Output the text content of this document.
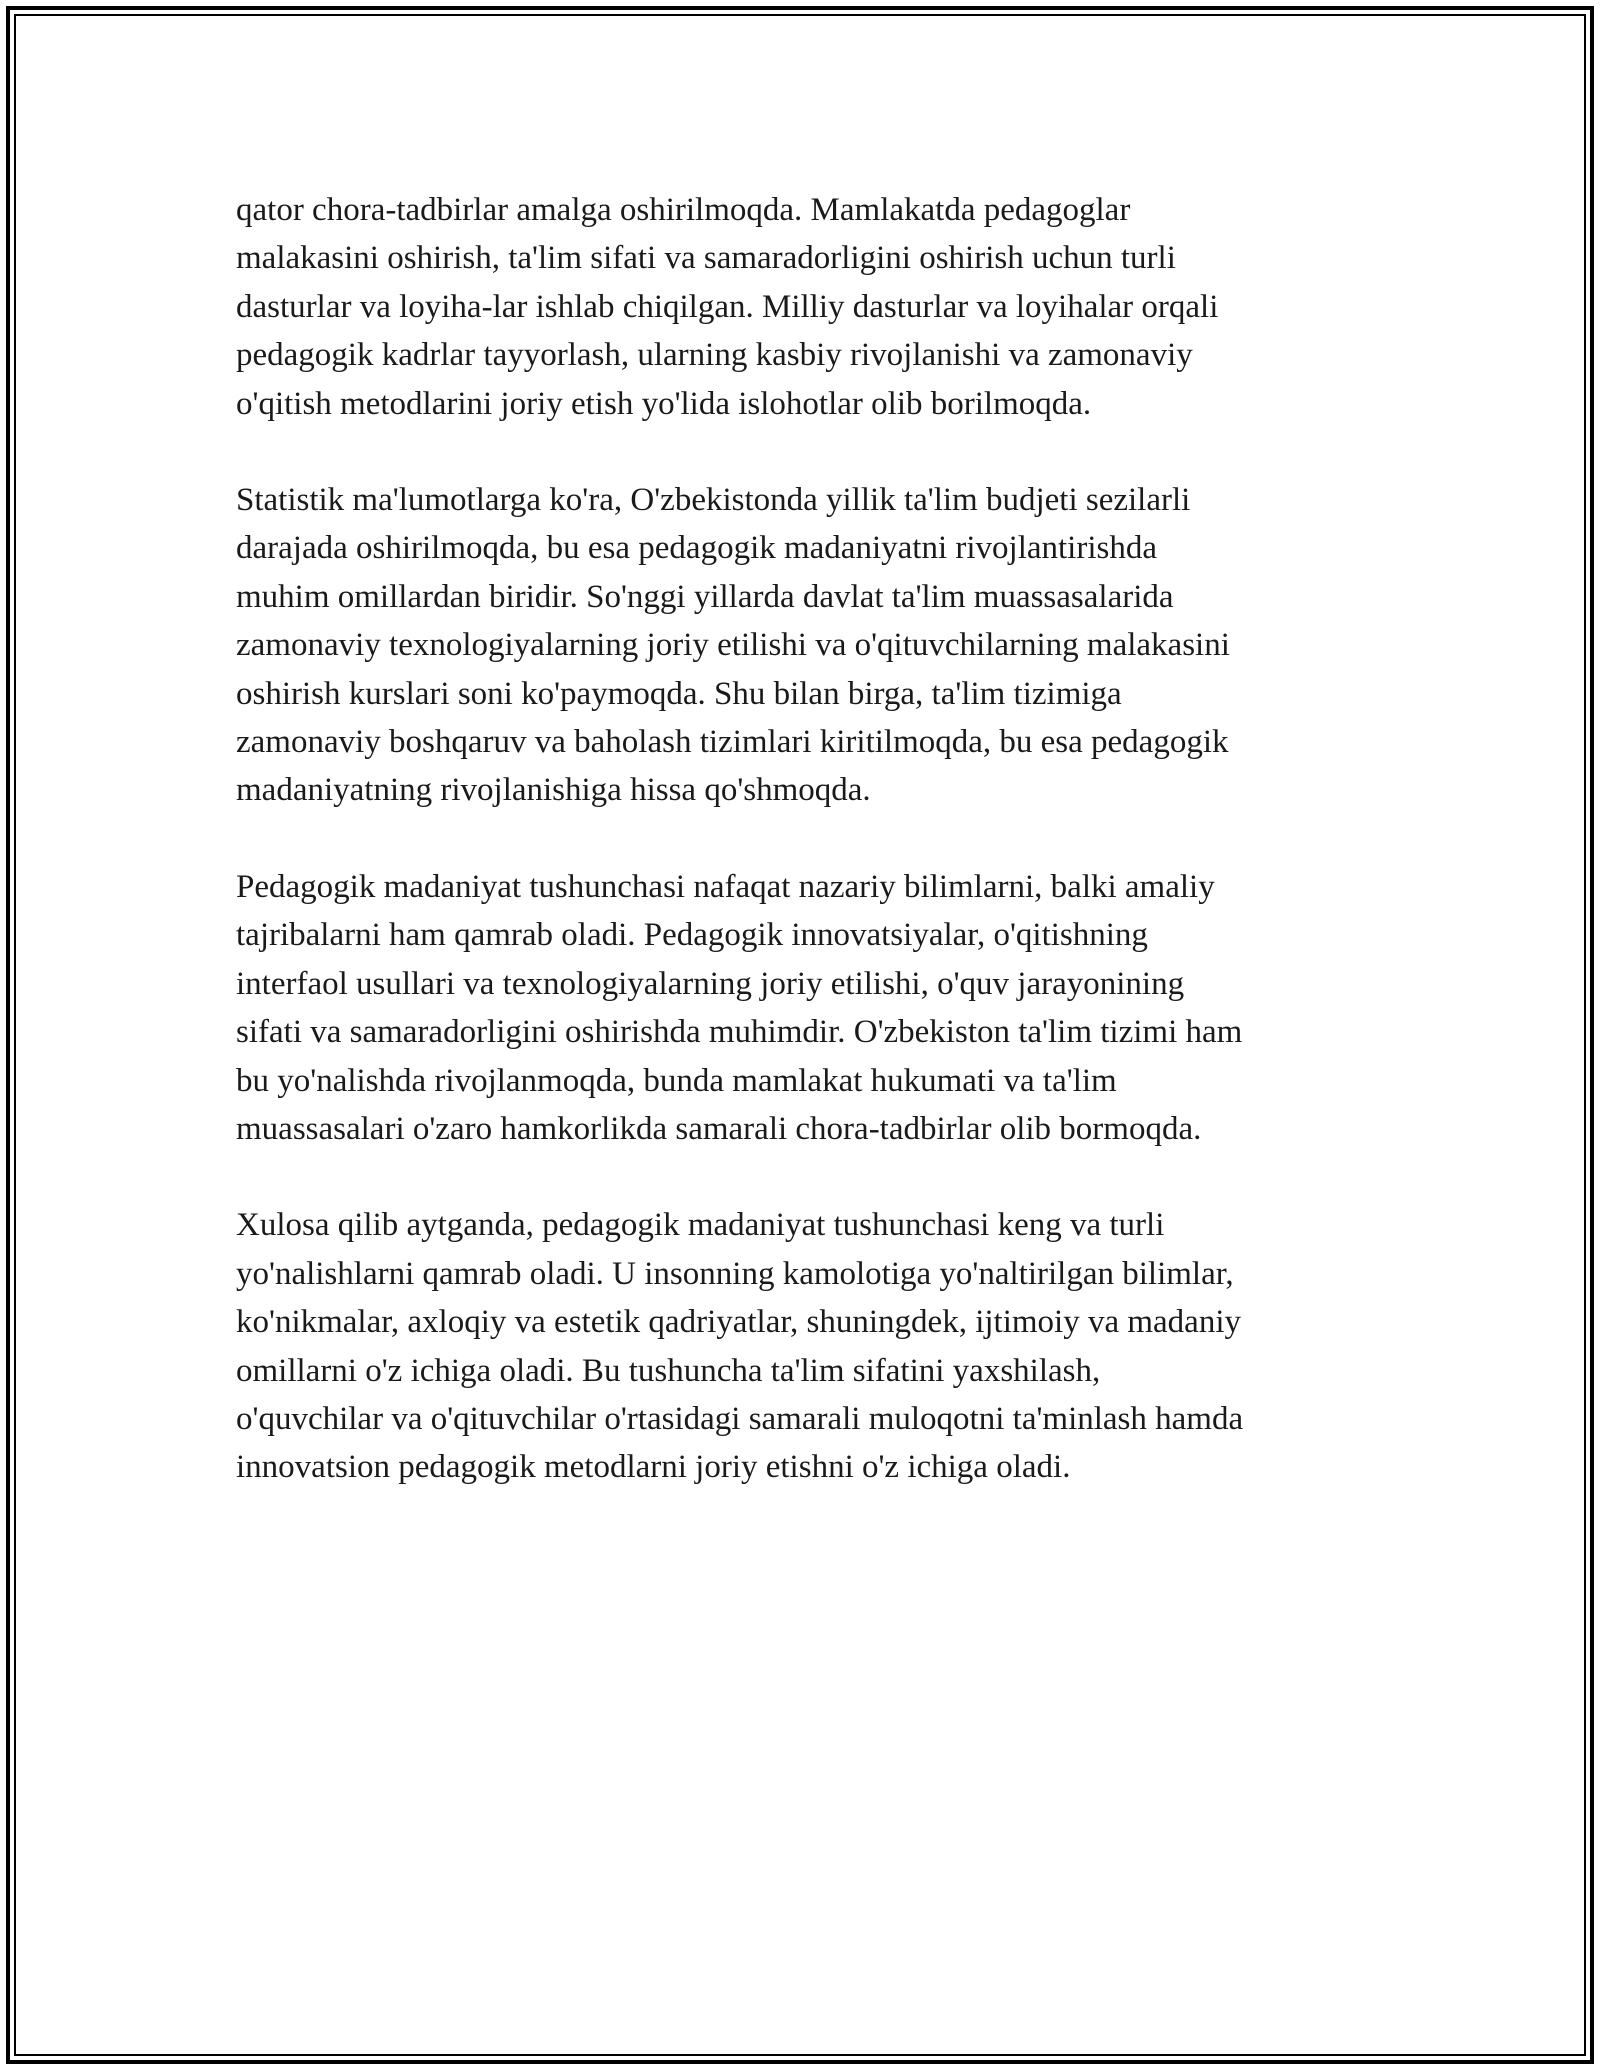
qator chora-tadbirlar amalga oshirilmoqda. Mamlakatda pedagoglar
malakasini oshirish, ta'lim sifati va samaradorligini oshirish uchun turli
dasturlar va loyiha-lar ishlab chiqilgan. Milliy dasturlar va loyihalar orqali
pedagogik kadrlar tayyorlash, ularning kasbiy rivojlanishi va zamonaviy
o'qitish metodlarini joriy etish yo'lida islohotlar olib borilmoqda.

Statistik ma'lumotlarga ko'ra, O'zbekistonda yillik ta'lim budjeti sezilarli
darajada oshirilmoqda, bu esa pedagogik madaniyatni rivojlantirishda
muhim omillardan biridir. So'nggi yillarda davlat ta'lim muassasalarida
zamonaviy texnologiyalarning joriy etilishi va o'qituvchilarning malakasini
oshirish kurslari soni ko'paymoqda. Shu bilan birga, ta'lim tizimiga
zamonaviy boshqaruv va baholash tizimlari kiritilmoqda, bu esa pedagogik
madaniyatning rivojlanishiga hissa qo'shmoqda.

Pedagogik madaniyat tushunchasi nafaqat nazariy bilimlarni, balki amaliy
tajribalarni ham qamrab oladi. Pedagogik innovatsiyalar, o'qitishning
interfaol usullari va texnologiyalarning joriy etilishi, o'quv jarayonining
sifati va samaradorligini oshirishda muhimdir. O'zbekiston ta'lim tizimi ham
bu yo'nalishda rivojlanmoqda, bunda mamlakat hukumati va ta'lim
muassasalari o'zaro hamkorlikda samarali chora-tadbirlar olib bormoqda.

Xulosa qilib aytganda, pedagogik madaniyat tushunchasi keng va turli
yo'nalishlarni qamrab oladi. U insonning kamolotiga yo'naltirilgan bilimlar,
ko'nikmalar, axloqiy va estetik qadriyatlar, shuningdek, ijtimoiy va madaniy
omillarni o'z ichiga oladi. Bu tushuncha ta'lim sifatini yaxshilash,
o'quvchilar va o'qituvchilar o'rtasidagi samarali muloqotni ta'minlash hamda
innovatsion pedagogik metodlarni joriy etishni o'z ichiga oladi.
